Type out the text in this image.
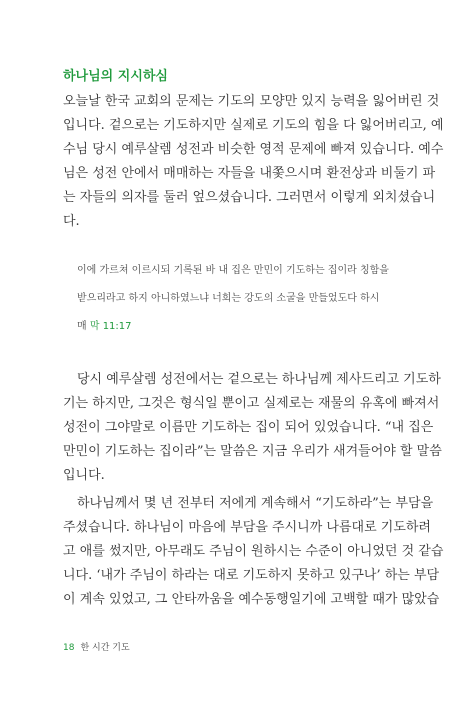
하나님의 지시하심
오늘날 한국 교회의 문제는 기도의 모양만 있지 능력을 잃어버린 것
입니다. 겉으로는 기도하지만 실제로 기도의 힘을 다 잃어버리고, 예
수님 당시 예루살렘 성전과 비슷한 영적 문제에 빠져 있습니다. 예수
님은 성전 안에서 매매하는 자들을 내쫓으시며 환전상과 비둘기 파
는 자들의 의자를 둘러 엎으셨습니다. 그러면서 이렇게 외치셨습니
다.
이에 가르쳐 이르시되 기록된 바 내 집은 만민이 기도하는 집이라 칭함을
받으리라고 하지 아니하였느냐 너희는 강도의 소굴을 만들었도다 하시
매 막 11:17
당시 예루살렘 성전에서는 겉으로는 하나님께 제사드리고 기도하
기는 하지만, 그것은 형식일 뿐이고 실제로는 재물의 유혹에 빠져서
성전이 그야말로 이름만 기도하는 집이 되어 있었습니다. “내 집은
만민이 기도하는 집이라”는 말씀은 지금 우리가 새겨들어야 할 말씀
입니다.
하나님께서 몇 년 전부터 저에게 계속해서 “기도하라”는 부담을
주셨습니다. 하나님이 마음에 부담을 주시니까 나름대로 기도하려
고 애를 썼지만, 아무래도 주님이 원하시는 수준이 아니었던 것 같습
니다. ‘내가 주님이 하라는 대로 기도하지 못하고 있구나’ 하는 부담
이 계속 있었고, 그 안타까움을 예수동행일기에 고백할 때가 많았습
18 한 시간 기도
